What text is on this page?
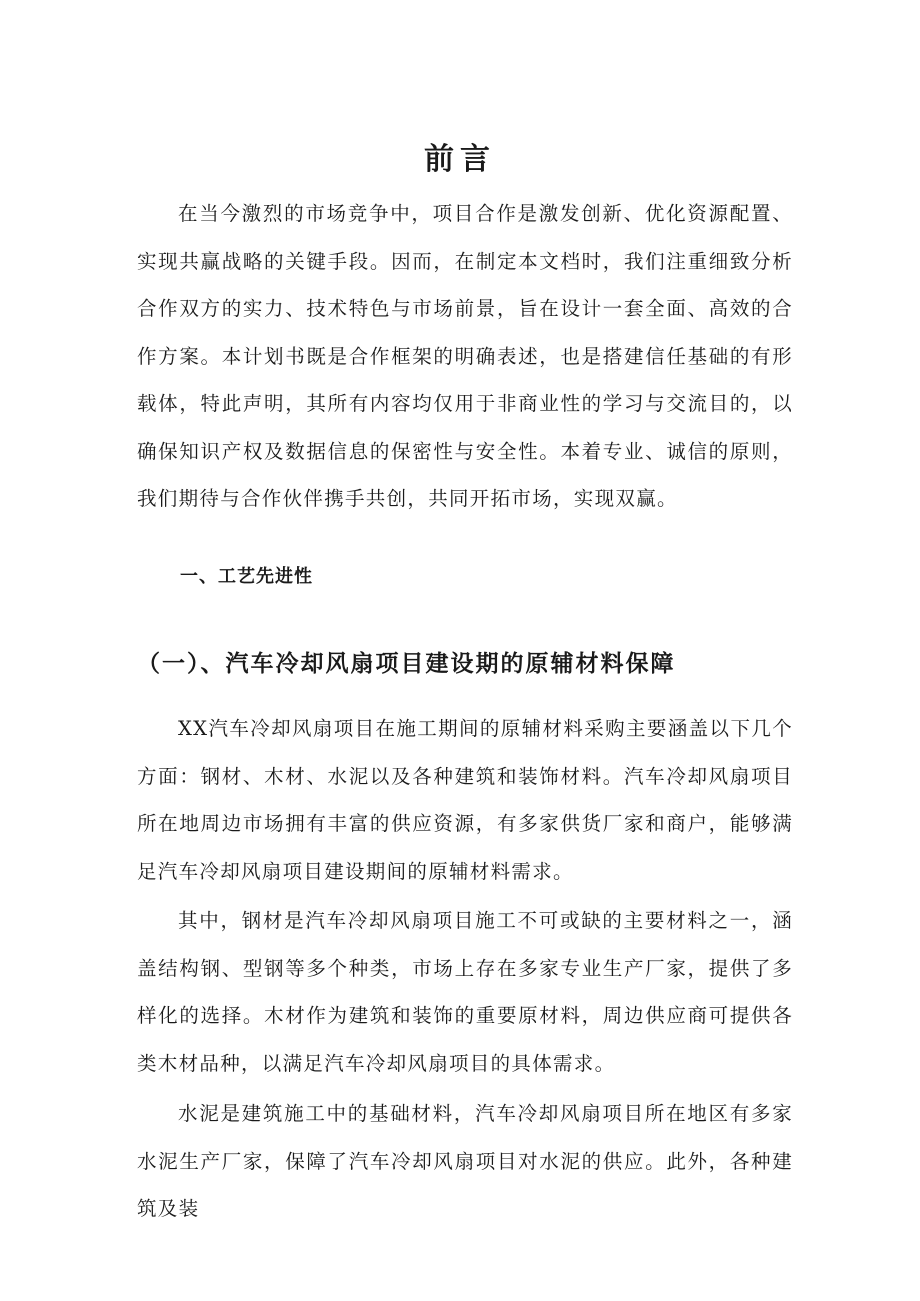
前言

在当今激烈的市场竞争中，项目合作是激发创新、优化资源配置、实现共赢战略的关键手段。因而，在制定本文档时，我们注重细致分析合作双方的实力、技术特色与市场前景，旨在设计一套全面、高效的合作方案。本计划书既是合作框架的明确表述，也是搭建信任基础的有形载体，特此声明，其所有内容均仅用于非商业性的学习与交流目的，以确保知识产权及数据信息的保密性与安全性。本着专业、诚信的原则，我们期待与合作伙伴携手共创，共同开拓市场，实现双赢。

一、工艺先进性
（一）、汽车冷却风扇项目建设期的原辅材料保障

XX汽车冷却风扇项目在施工期间的原辅材料采购主要涵盖以下几个方面：钢材、木材、水泥以及各种建筑和装饰材料。汽车冷却风扇项目所在地周边市场拥有丰富的供应资源，有多家供货厂家和商户，能够满足汽车冷却风扇项目建设期间的原辅材料需求。

其中，钢材是汽车冷却风扇项目施工不可或缺的主要材料之一，涵盖结构钢、型钢等多个种类，市场上存在多家专业生产厂家，提供了多样化的选择。木材作为建筑和装饰的重要原材料，周边供应商可提供各类木材品种，以满足汽车冷却风扇项目的具体需求。

水泥是建筑施工中的基础材料，汽车冷却风扇项目所在地区有多家水泥生产厂家，保障了汽车冷却风扇项目对水泥的供应。此外，各种建筑及装
